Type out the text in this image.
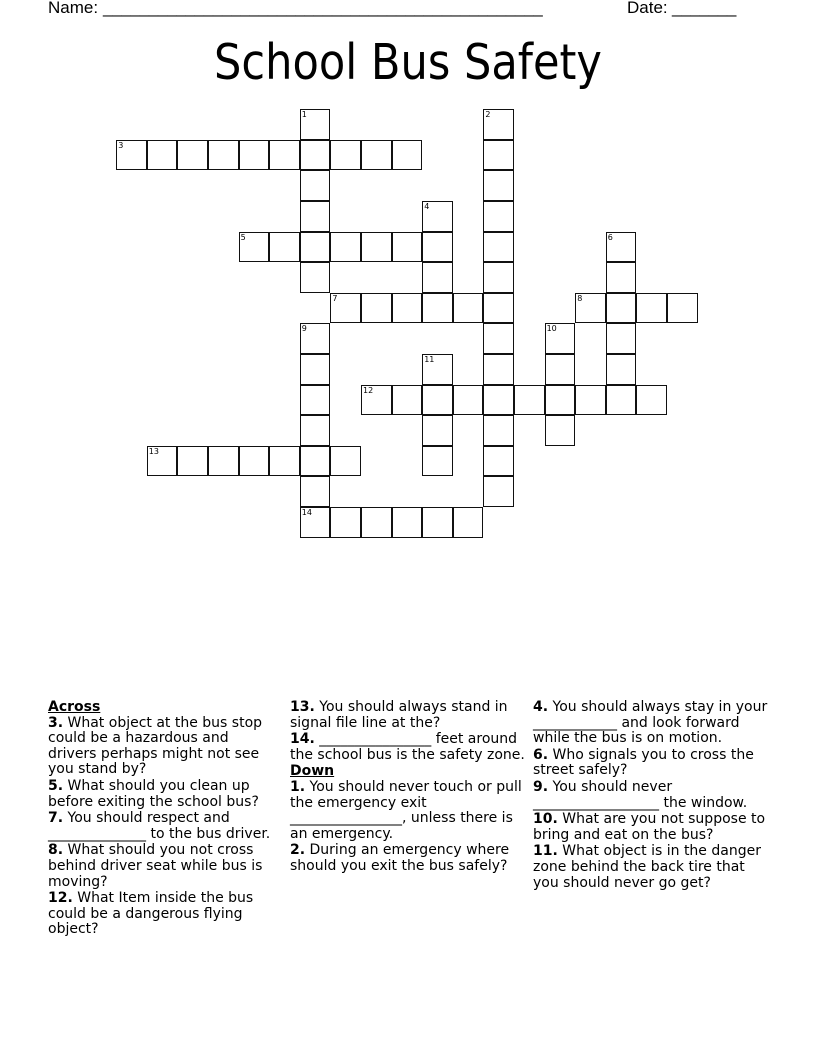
Name:

________________________________________________

	Date:

_______

School Bus Safety
1	2
3
4
5	6
7	8
9
14
10
11
12
13
Across
3. What object at the bus stop could be a hazardous and drivers perhaps might not see you stand by?
5. What should you clean up before exiting the school bus?
7. You should respect and ______________ to the bus driver.
8. What should you not cross behind driver seat while bus is moving?
12. What Item inside the bus could be a dangerous flying object?
13. You should always stand in signal file line at the?
14. ________________ feet around the school bus is the safety zone.
Down
1. You should never touch or pull the emergency exit ________________, unless there is an emergency.
2. During an emergency where should you exit the bus safely?
4. You should always stay in your ____________ and look forward while the bus is on motion.
6. Who signals you to cross the street safely?
9. You should never __________________ the window.
10. What are you not suppose to bring and eat on the bus?
11. What object is in the danger zone behind the back tire that you should never go get?
